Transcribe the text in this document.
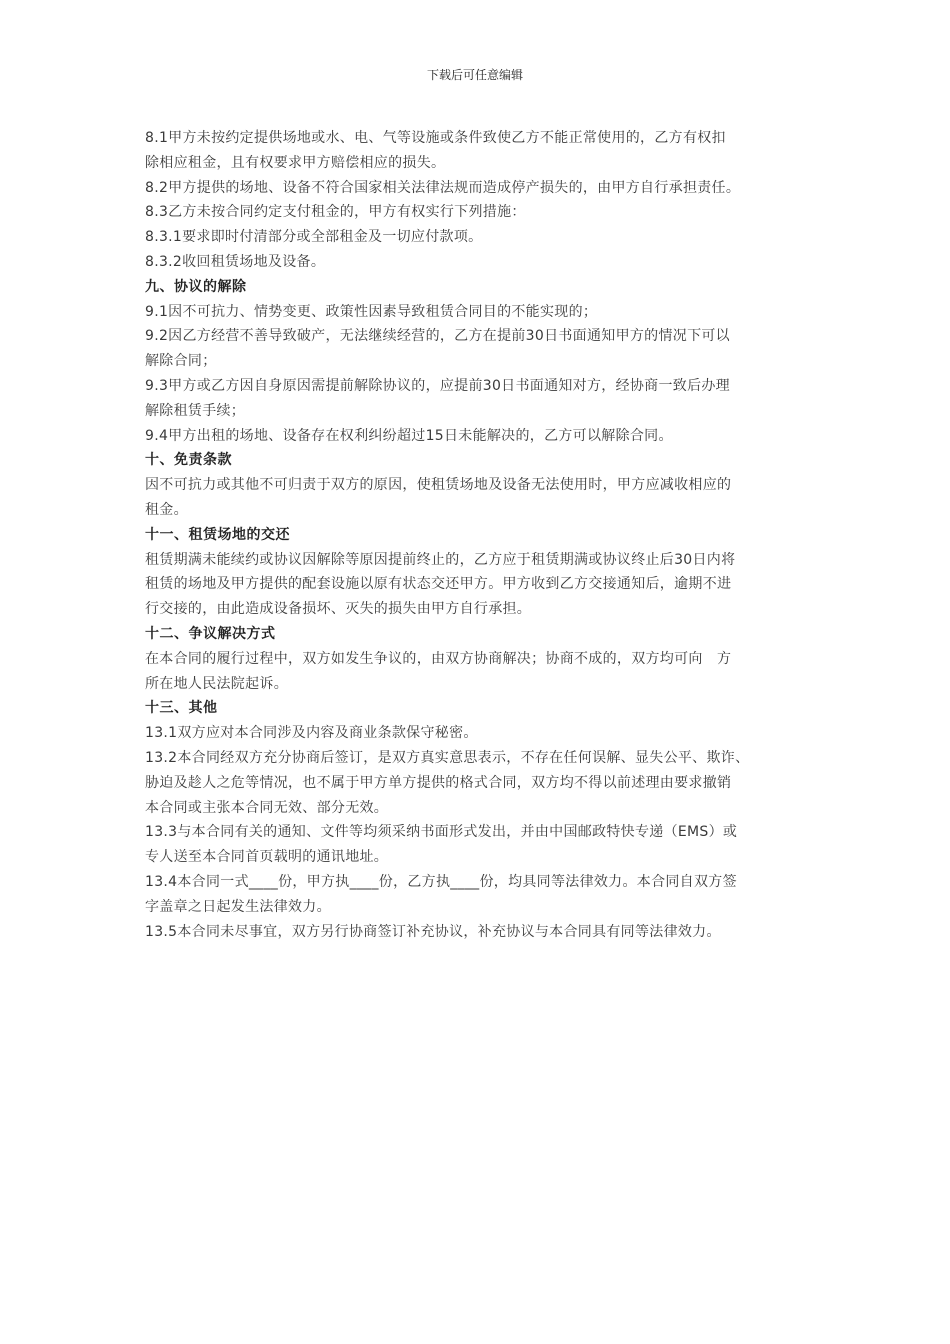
下载后可任意编辑
8.1甲方未按约定提供场地或水、电、气等设施或条件致使乙方不能正常使用的，乙方有权扣
除相应租金，且有权要求甲方赔偿相应的损失。
8.2甲方提供的场地、设备不符合国家相关法律法规而造成停产损失的，由甲方自行承担责任。
8.3乙方未按合同约定支付租金的，甲方有权实行下列措施：
8.3.1要求即时付清部分或全部租金及一切应付款项。
8.3.2收回租赁场地及设备。
九、协议的解除
9.1因不可抗力、情势变更、政策性因素导致租赁合同目的不能实现的；
9.2因乙方经营不善导致破产，无法继续经营的，乙方在提前30日书面通知甲方的情况下可以
解除合同；
9.3甲方或乙方因自身原因需提前解除协议的，应提前30日书面通知对方，经协商一致后办理
解除租赁手续；
9.4甲方出租的场地、设备存在权利纠纷超过15日未能解决的，乙方可以解除合同。
十、免责条款
因不可抗力或其他不可归责于双方的原因，使租赁场地及设备无法使用时，甲方应减收相应的
租金。
十一、租赁场地的交还
租赁期满未能续约或协议因解除等原因提前终止的，乙方应于租赁期满或协议终止后30日内将
租赁的场地及甲方提供的配套设施以原有状态交还甲方。甲方收到乙方交接通知后，逾期不进
行交接的，由此造成设备损坏、灭失的损失由甲方自行承担。
十二、争议解决方式
在本合同的履行过程中，双方如发生争议的，由双方协商解决；协商不成的，双方均可向　方
所在地人民法院起诉。
十三、其他
13.1双方应对本合同涉及内容及商业条款保守秘密。
13.2本合同经双方充分协商后签订，是双方真实意思表示，不存在任何误解、显失公平、欺诈、
胁迫及趁人之危等情况，也不属于甲方单方提供的格式合同，双方均不得以前述理由要求撤销
本合同或主张本合同无效、部分无效。
13.3与本合同有关的通知、文件等均须采纳书面形式发出，并由中国邮政特快专递（EMS）或
专人送至本合同首页载明的通讯地址。
13.4本合同一式____份，甲方执____份，乙方执____份，均具同等法律效力。本合同自双方签
字盖章之日起发生法律效力。
13.5本合同未尽事宜，双方另行协商签订补充协议，补充协议与本合同具有同等法律效力。
